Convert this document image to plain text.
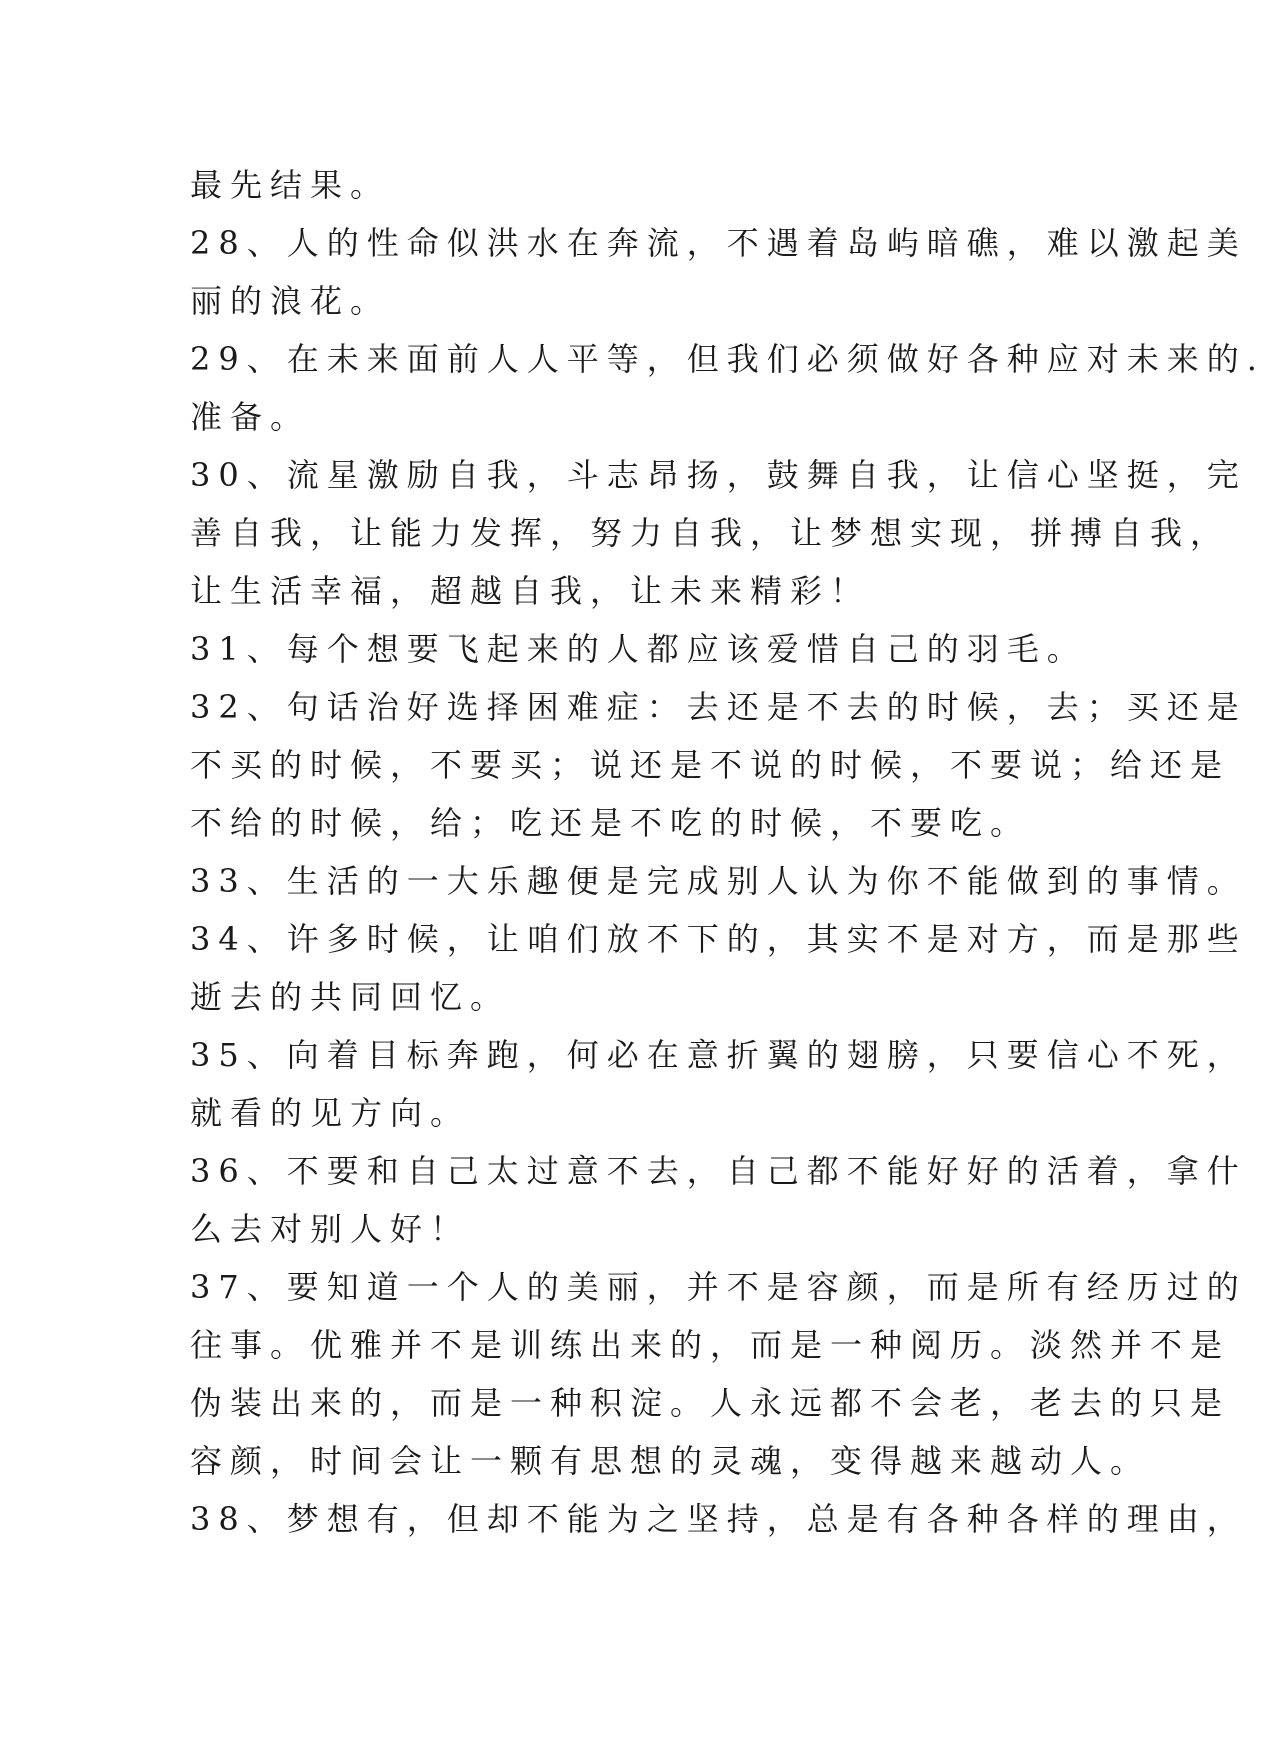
最先结果。
28、人的性命似洪水在奔流，不遇着岛屿暗礁，难以激起美
丽的浪花。
29、在未来面前人人平等，但我们必须做好各种应对未来的.
准备。
30、流星激励自我，斗志昂扬，鼓舞自我，让信心坚挺，完
善自我，让能力发挥，努力自我，让梦想实现，拼搏自我，
让生活幸福，超越自我，让未来精彩！
31、每个想要飞起来的人都应该爱惜自己的羽毛。
32、句话治好选择困难症：去还是不去的时候，去；买还是
不买的时候，不要买；说还是不说的时候，不要说；给还是
不给的时候，给；吃还是不吃的时候，不要吃。
33、生活的一大乐趣便是完成别人认为你不能做到的事情。
34、许多时候，让咱们放不下的，其实不是对方，而是那些
逝去的共同回忆。
35、向着目标奔跑，何必在意折翼的翅膀，只要信心不死，
就看的见方向。
36、不要和自己太过意不去，自己都不能好好的活着，拿什
么去对别人好！
37、要知道一个人的美丽，并不是容颜，而是所有经历过的
往事。优雅并不是训练出来的，而是一种阅历。淡然并不是
伪装出来的，而是一种积淀。人永远都不会老，老去的只是
容颜，时间会让一颗有思想的灵魂，变得越来越动人。
38、梦想有，但却不能为之坚持，总是有各种各样的理由，
